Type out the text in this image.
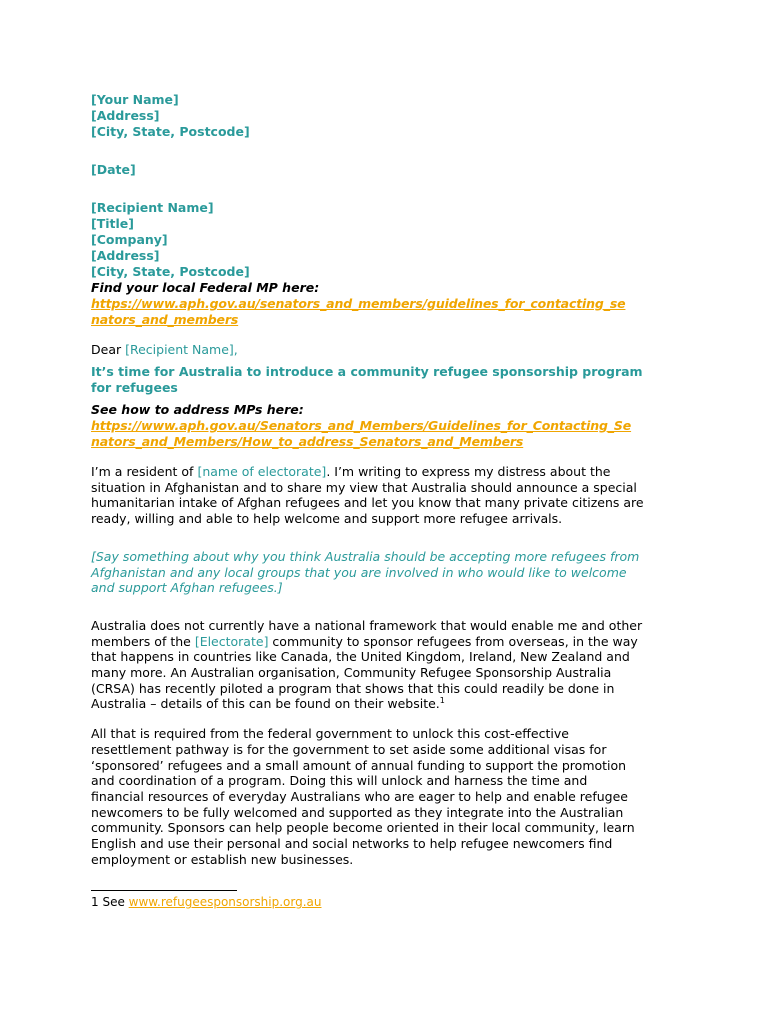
[Your Name]
[Address]
[City, State, Postcode]
[Date]
[Recipient Name]
[Title]
[Company]
[Address]
[City, State, Postcode]
Find your local Federal MP here:
https://www.aph.gov.au/senators_and_members/guidelines_for_contacting_se
nators_and_members
Dear [Recipient Name],
It’s time for Australia to introduce a community refugee sponsorship program
for refugees
See how to address MPs here:
https://www.aph.gov.au/Senators_and_Members/Guidelines_for_Contacting_Se
nators_and_Members/How_to_address_Senators_and_Members
I’m a resident of [name of electorate]. I’m writing to express my distress about the
situation in Afghanistan and to share my view that Australia should announce a special
humanitarian intake of Afghan refugees and let you know that many private citizens are
ready, willing and able to help welcome and support more refugee arrivals.
[Say something about why you think Australia should be accepting more refugees from
Afghanistan and any local groups that you are involved in who would like to welcome
and support Afghan refugees.]
Australia does not currently have a national framework that would enable me and other
members of the [Electorate] community to sponsor refugees from overseas, in the way
that happens in countries like Canada, the United Kingdom, Ireland, New Zealand and
many more. An Australian organisation, Community Refugee Sponsorship Australia
(CRSA) has recently piloted a program that shows that this could readily be done in
Australia – details of this can be found on their website.$^1$
All that is required from the federal government to unlock this cost-effective
resettlement pathway is for the government to set aside some additional visas for
‘sponsored’ refugees and a small amount of annual funding to support the promotion
and coordination of a program. Doing this will unlock and harness the time and
financial resources of everyday Australians who are eager to help and enable refugee
newcomers to be fully welcomed and supported as they integrate into the Australian
community. Sponsors can help people become oriented in their local community, learn
English and use their personal and social networks to help refugee newcomers find
employment or establish new businesses.
1 See www.refugeesponsorship.org.au
